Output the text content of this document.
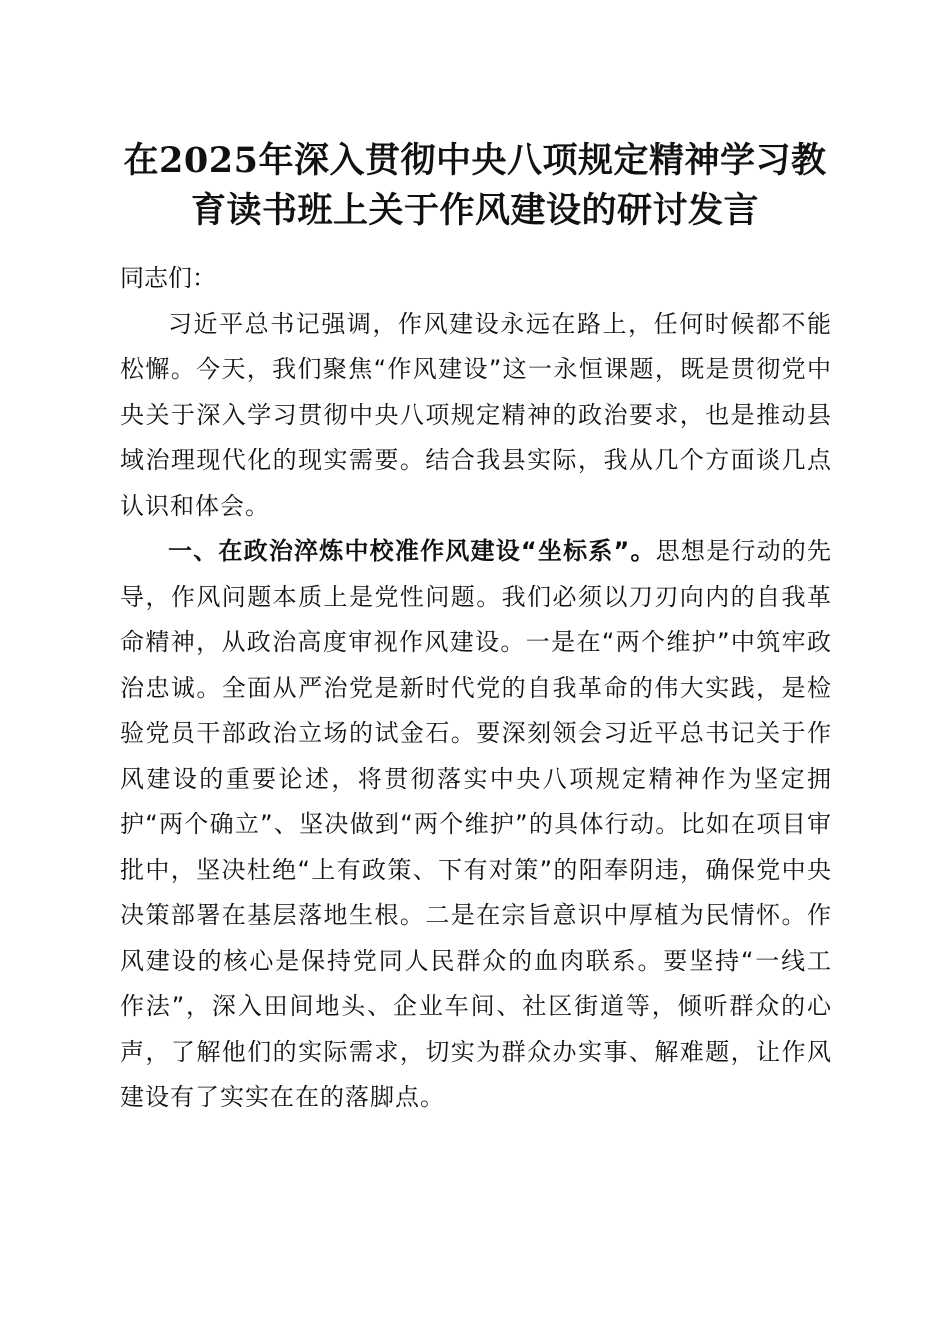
在2025年深入贯彻中央八项规定精神学习教
育读书班上关于作风建设的研讨发言

同志们：

习近平总书记强调，作风建设永远在路上，任何时候都不能松懈。今天，我们聚焦“作风建设”这一永恒课题，既是贯彻党中央关于深入学习贯彻中央八项规定精神的政治要求，也是推动县域治理现代化的现实需要。结合我县实际，我从几个方面谈几点认识和体会。

一、在政治淬炼中校准作风建设“坐标系”。思想是行动的先导，作风问题本质上是党性问题。我们必须以刀刃向内的自我革命精神，从政治高度审视作风建设。一是在“两个维护”中筑牢政治忠诚。全面从严治党是新时代党的自我革命的伟大实践，是检验党员干部政治立场的试金石。要深刻领会习近平总书记关于作风建设的重要论述，将贯彻落实中央八项规定精神作为坚定拥护“两个确立”、坚决做到“两个维护”的具体行动。比如在项目审批中，坚决杜绝“上有政策、下有对策”的阳奉阴违，确保党中央决策部署在基层落地生根。二是在宗旨意识中厚植为民情怀。作风建设的核心是保持党同人民群众的血肉联系。要坚持“一线工作法”，深入田间地头、企业车间、社区街道等，倾听群众的心声，了解他们的实际需求，切实为群众办实事、解难题，让作风建设有了实实在在的落脚点。
